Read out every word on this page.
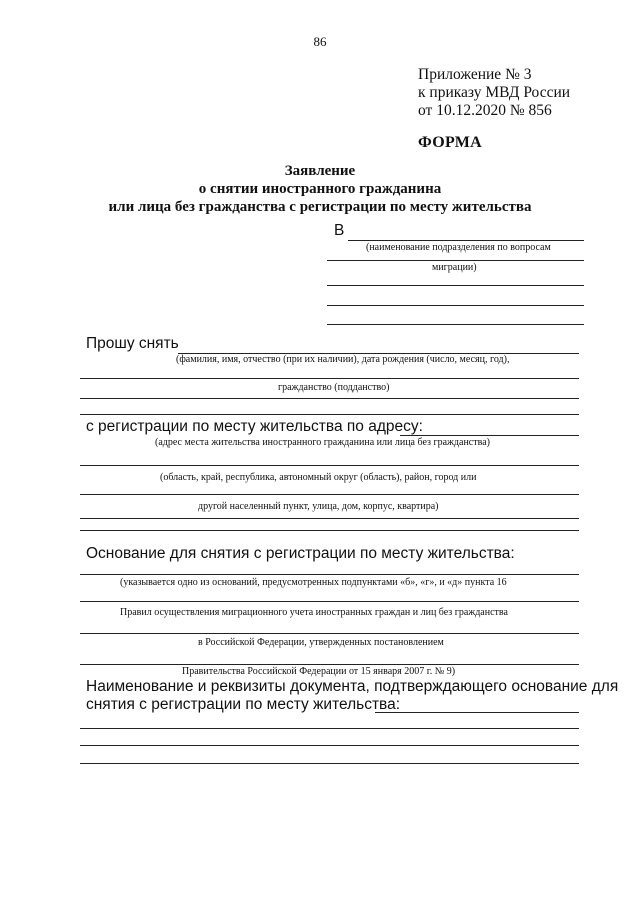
86
Приложение № 3
к приказу МВД России
от 10.12.2020 № 856
ФОРМА
Заявление
о снятии иностранного гражданина
или лица без гражданства с регистрации по месту жительства
В
(наименование подразделения по вопросам
миграции)
Прошу снять
(фамилия, имя, отчество (при их наличии), дата рождения (число, месяц, год),
гражданство (подданство)
с регистрации по месту жительства по адресу:
(адрес места жительства иностранного гражданина или лица без гражданства)
(область, край, республика, автономный округ (область), район, город или
другой населенный пункт, улица, дом, корпус, квартира)
Основание для снятия с регистрации по месту жительства:
(указывается одно из оснований, предусмотренных подпунктами «б», «г», и «д» пункта 16
Правил осуществления миграционного учета иностранных граждан и лиц без гражданства
в Российской Федерации, утвержденных постановлением
Правительства Российской Федерации от 15 января 2007 г. № 9)
Наименование и реквизиты документа, подтверждающего основание для
снятия с регистрации по месту жительства:
